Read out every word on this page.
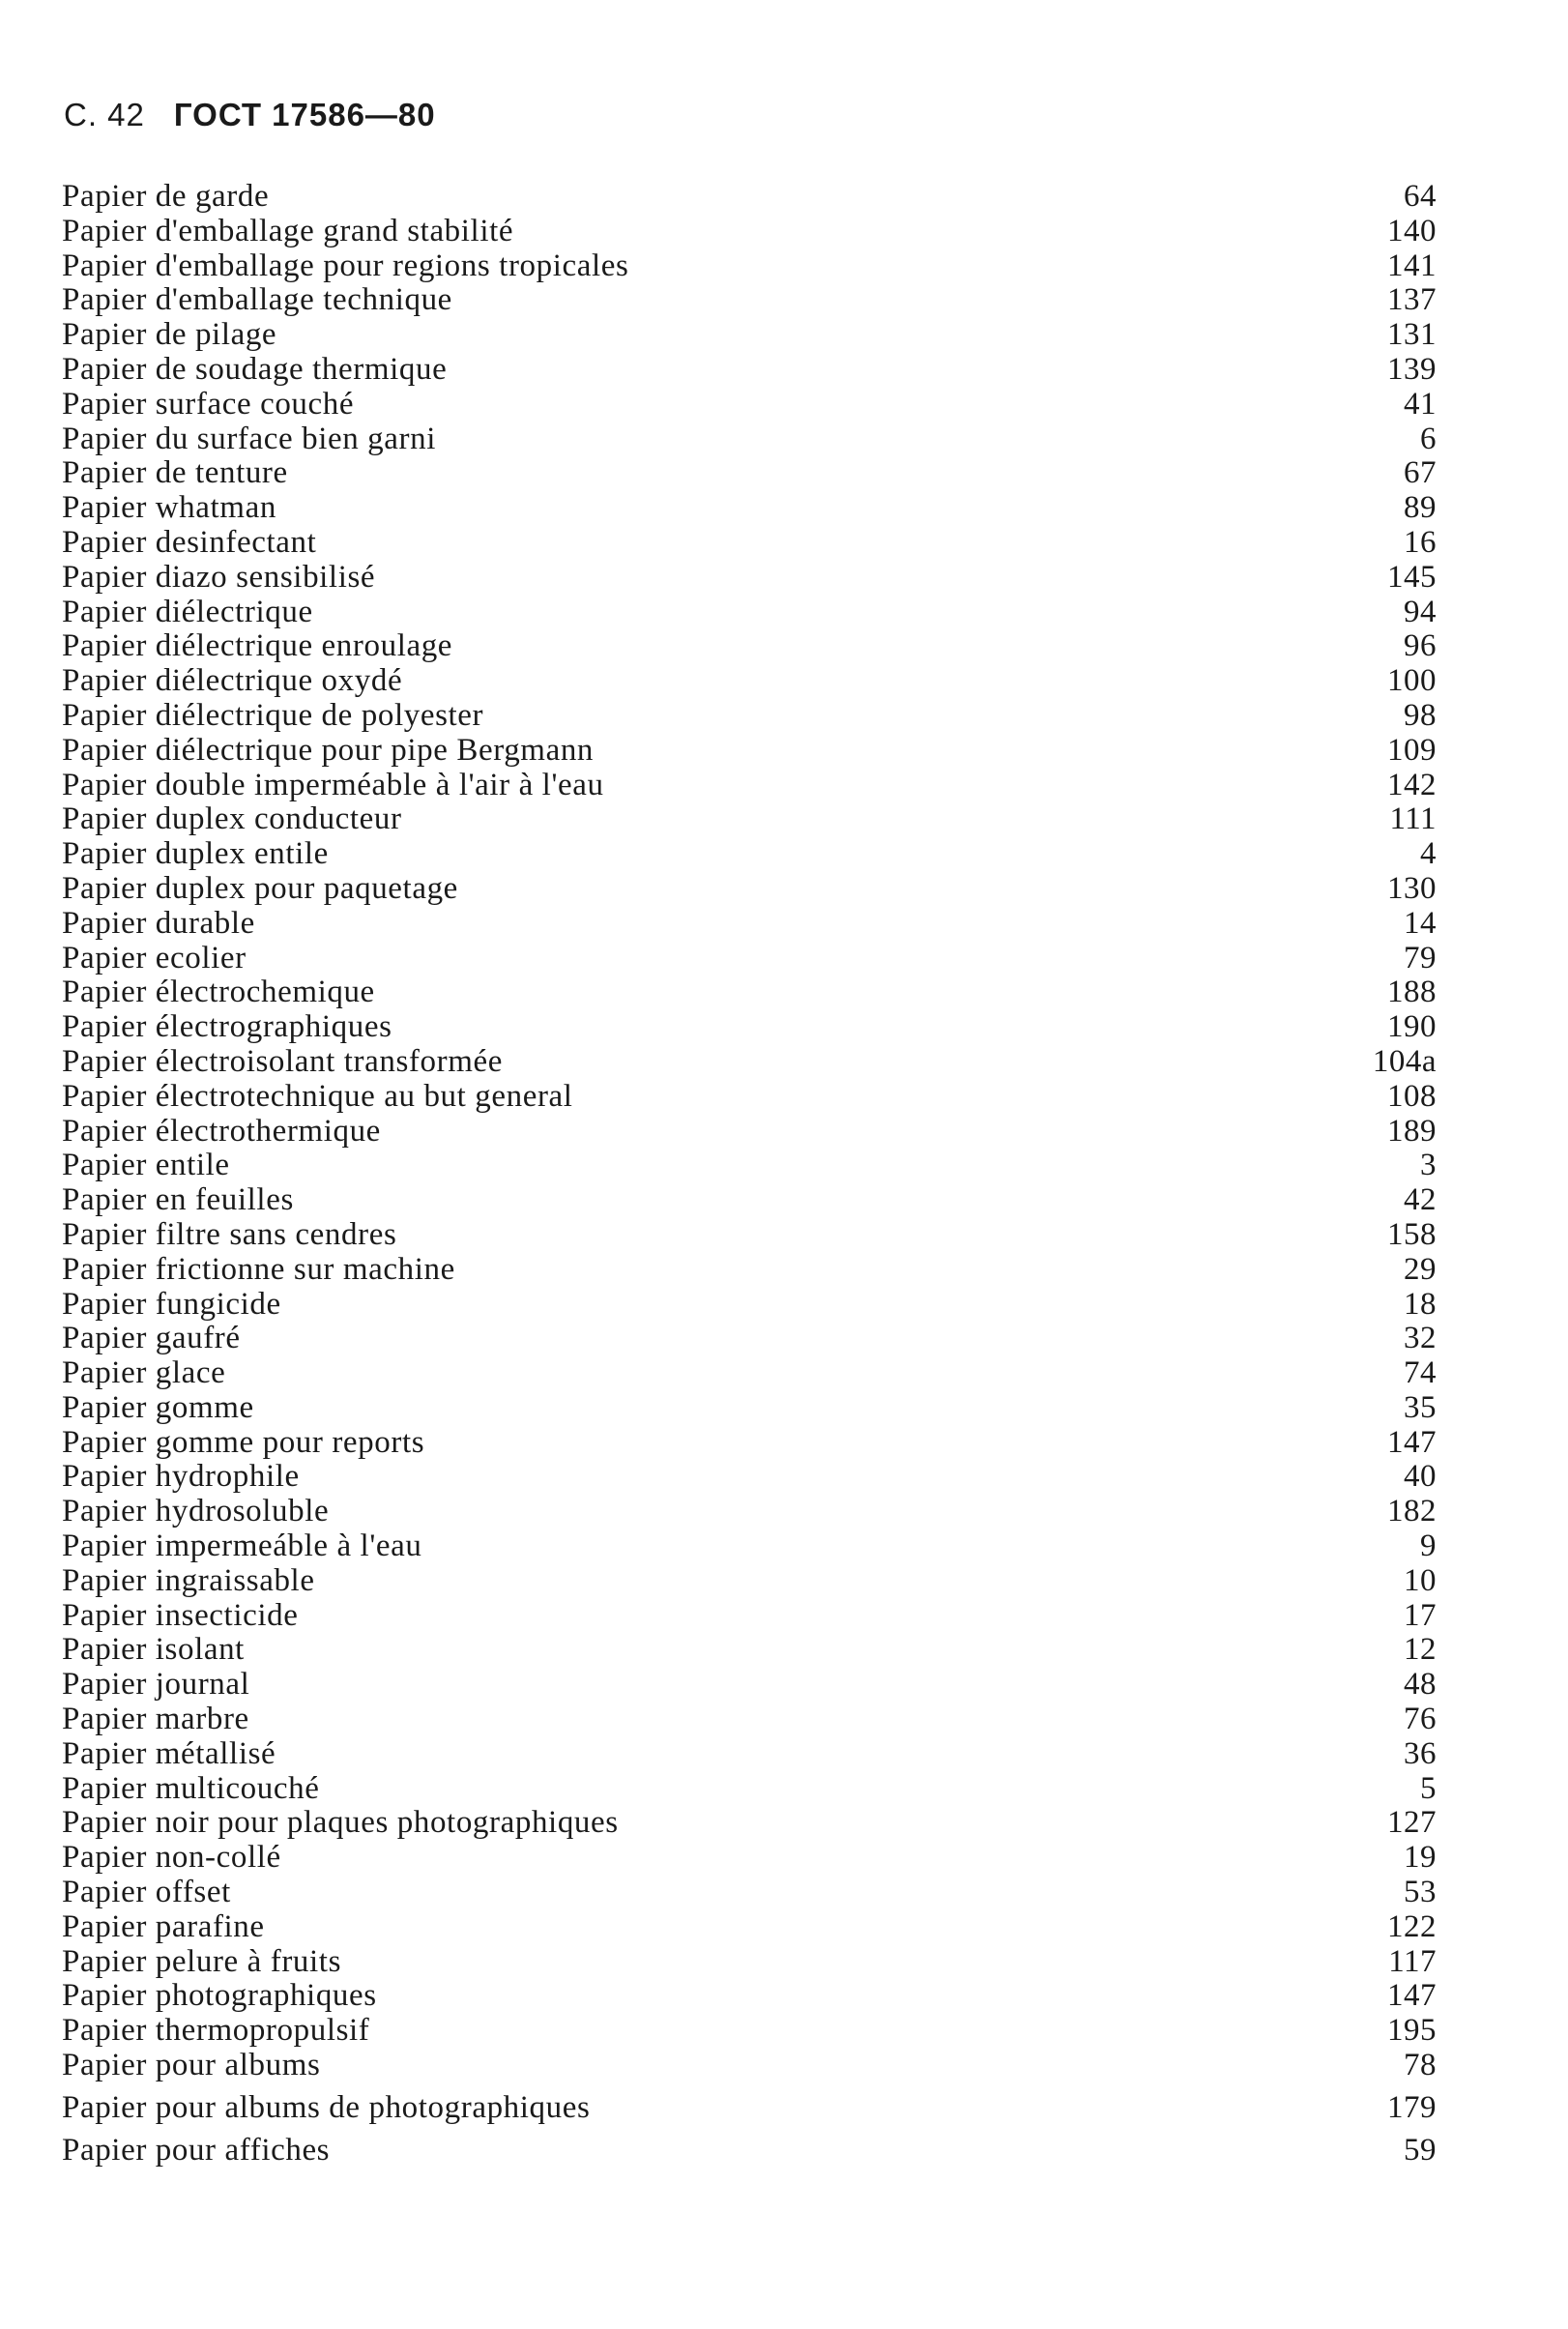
С. 42 ГОСТ 17586—80
Papier de garde	64
Papier d'emballage grand stabilité	140
Papier d'emballage pour regions tropicales	141
Papier d'emballage technique	137
Papier de pilage	131
Papier de soudage thermique	139
Papier surface couché	41
Papier du surface bien garni	6
Papier de tenture	67
Papier whatman	89
Papier desinfectant	16
Papier diazo sensibilisé	145
Papier diélectrique	94
Papier diélectrique enroulage	96
Papier diélectrique oxydé	100
Papier diélectrique de polyester	98
Papier diélectrique pour pipe Bergmann	109
Papier double imperméable à l'air à l'eau	142
Papier duplex conducteur	111
Papier duplex entile	4
Papier duplex pour paquetage	130
Papier durable	14
Papier ecolier	79
Papier électrochemique	188
Papier électrographiques	190
Papier électroisolant transformée	104a
Papier électrotechnique au but general	108
Papier électrothermique	189
Papier entile	3
Papier en feuilles	42
Papier filtre sans cendres	158
Papier frictionne sur machine	29
Papier fungicide	18
Papier gaufré	32
Papier glace	74
Papier gomme	35
Papier gomme pour reports	147
Papier hydrophile	40
Papier hydrosoluble	182
Papier impermeáble à l'eau	9
Papier ingraissable	10
Papier insecticide	17
Papier isolant	12
Papier journal	48
Papier marbre	76
Papier métallisé	36
Papier multicouché	5
Papier noir pour plaques photographiques	127
Papier non-collé	19
Papier offset	53
Papier parafine	122
Papier pelure à fruits	117
Papier photographiques	147
Papier thermopropulsif	195
Papier pour albums	78
Papier pour albums de photographiques	179
Papier pour affiches	59
